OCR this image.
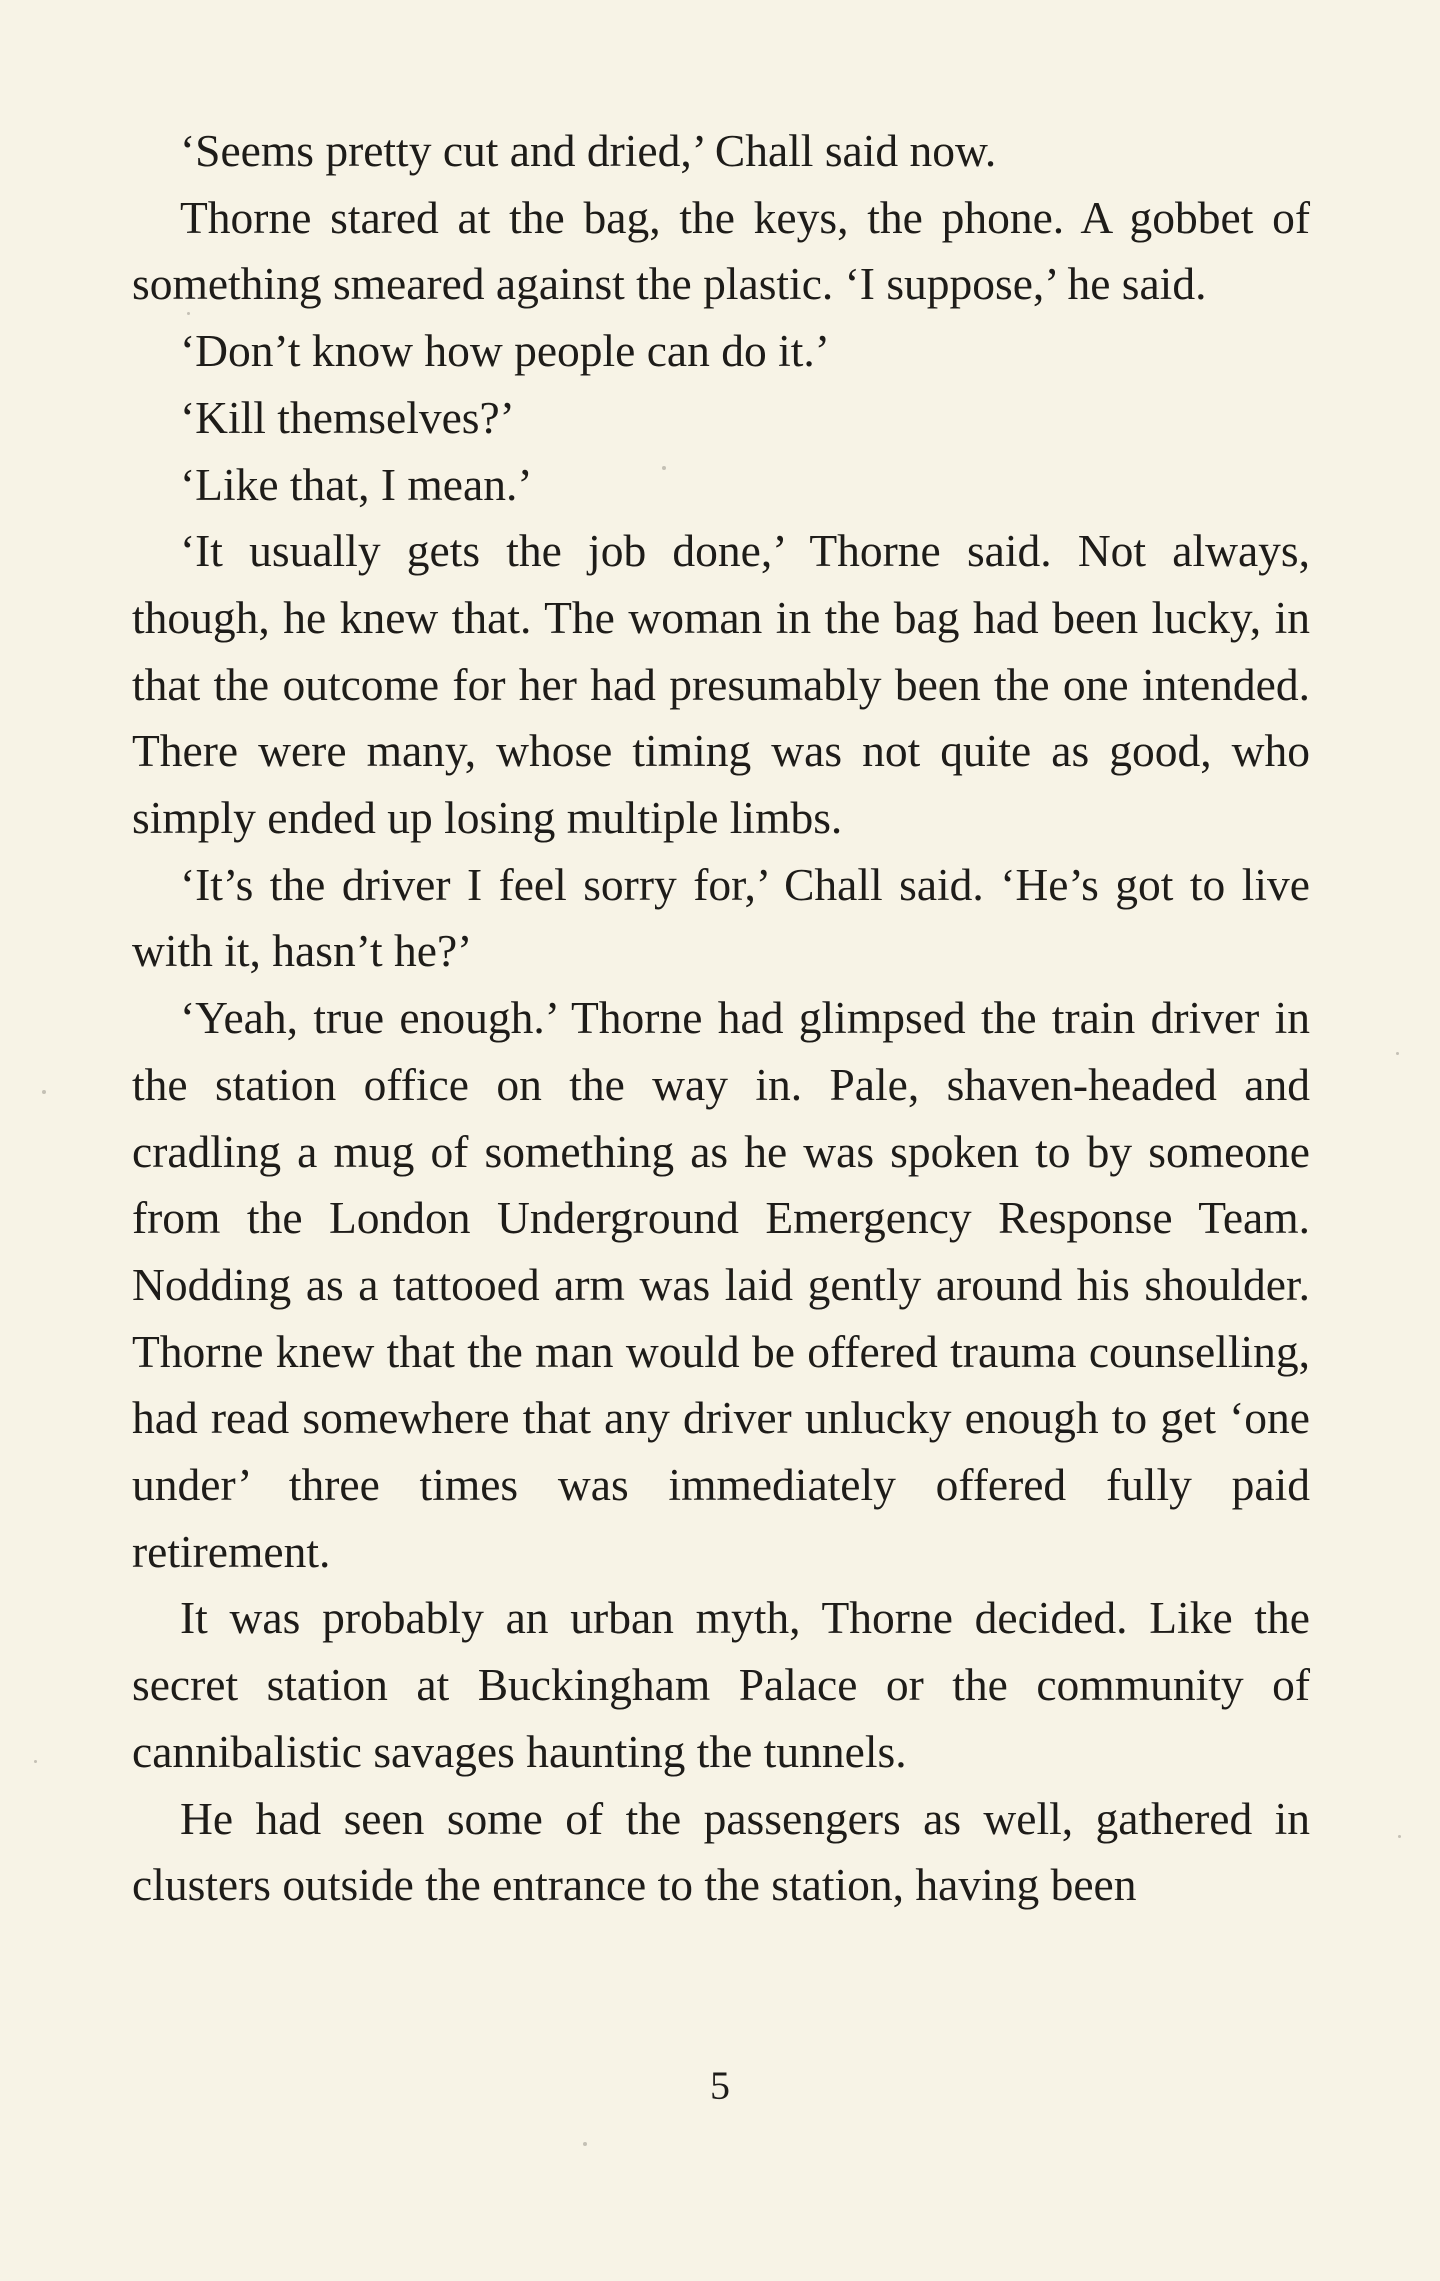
‘Seems pretty cut and dried,’ Chall said now.

Thorne stared at the bag, the keys, the phone. A gobbet of something smeared against the plastic. ‘I suppose,’ he said.

‘Don’t know how people can do it.’

‘Kill themselves?’

‘Like that, I mean.’

‘It usually gets the job done,’ Thorne said. Not always, though, he knew that. The woman in the bag had been lucky, in that the outcome for her had presumably been the one intended. There were many, whose timing was not quite as good, who simply ended up losing multiple limbs.

‘It’s the driver I feel sorry for,’ Chall said. ‘He’s got to live with it, hasn’t he?’

‘Yeah, true enough.’ Thorne had glimpsed the train driver in the station office on the way in. Pale, shaven-headed and cradling a mug of something as he was spoken to by someone from the London Underground Emergency Response Team. Nodding as a tattooed arm was laid gently around his shoulder. Thorne knew that the man would be offered trauma counselling, had read somewhere that any driver unlucky enough to get ‘one under’ three times was immediately offered fully paid retirement.

It was probably an urban myth, Thorne decided. Like the secret station at Buckingham Palace or the community of cannibalistic savages haunting the tunnels.

He had seen some of the passengers as well, gathered in clusters outside the entrance to the station, having been

5
